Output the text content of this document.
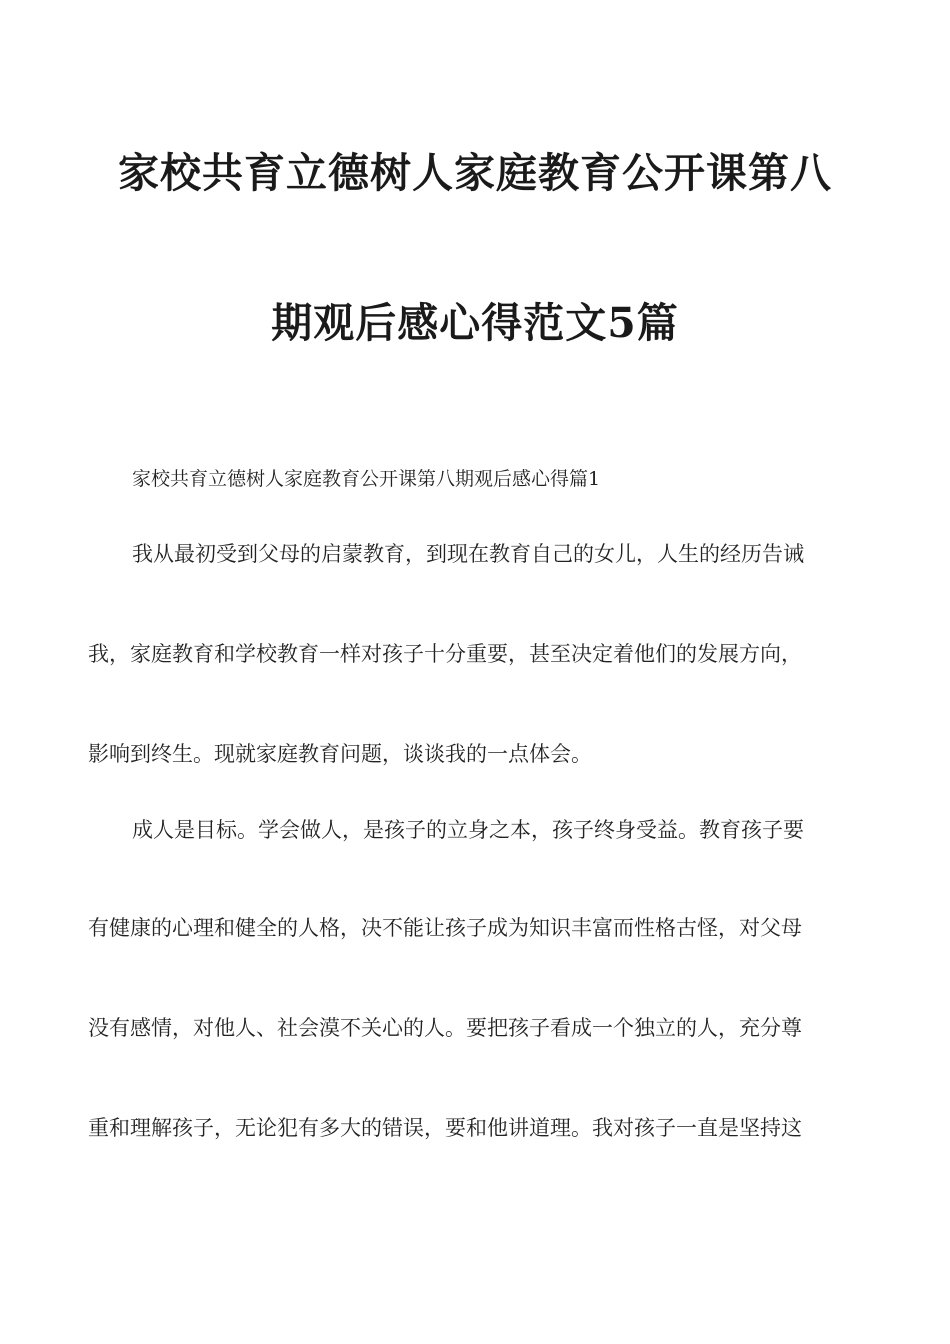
家校共育立德树人家庭教育公开课第八
期观后感心得范文5篇
家校共育立德树人家庭教育公开课第八期观后感心得篇1
我从最初受到父母的启蒙教育，到现在教育自己的女儿，人生的经历告诫
我，家庭教育和学校教育一样对孩子十分重要，甚至决定着他们的发展方向，
影响到终生。现就家庭教育问题，谈谈我的一点体会。
成人是目标。学会做人，是孩子的立身之本，孩子终身受益。教育孩子要
有健康的心理和健全的人格，决不能让孩子成为知识丰富而性格古怪，对父母
没有感情，对他人、社会漠不关心的人。要把孩子看成一个独立的人，充分尊
重和理解孩子，无论犯有多大的错误，要和他讲道理。我对孩子一直是坚持这
